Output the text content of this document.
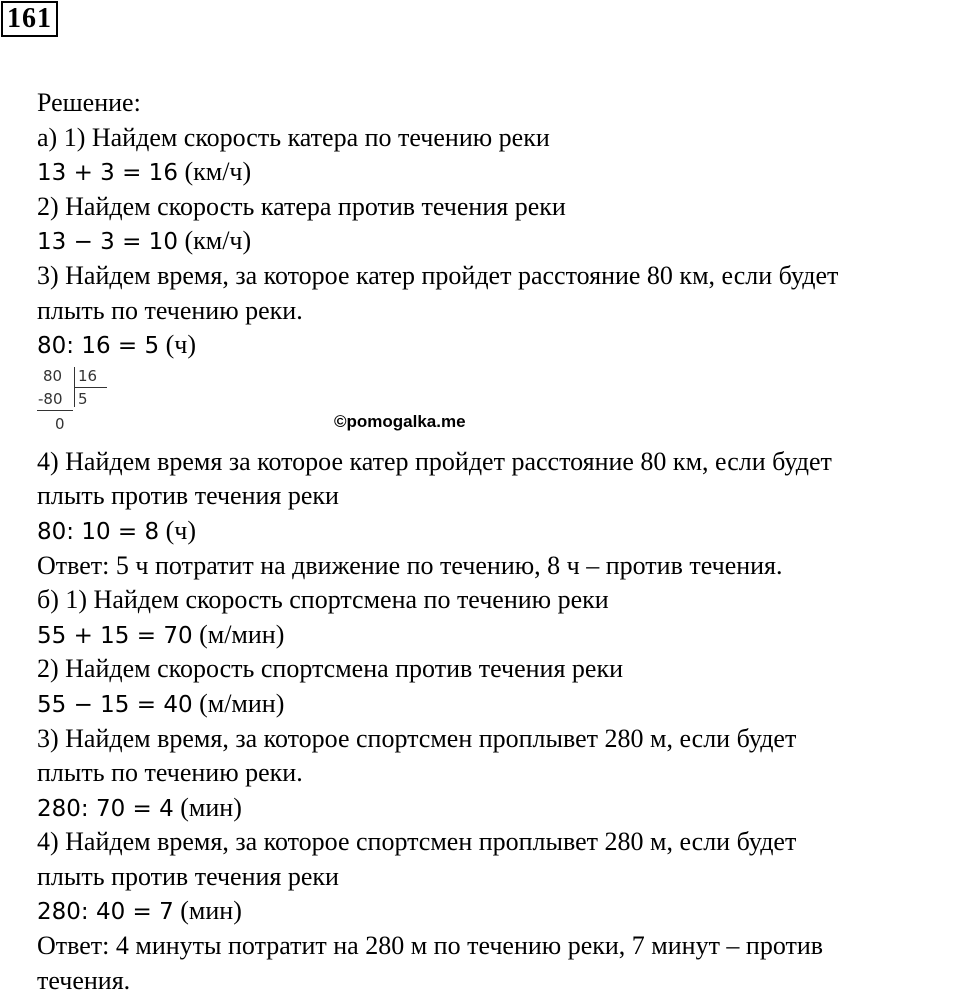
161
Решение:
а) 1) Найдем скорость катера по течению реки
13 + 3 = 16 (км/ч)
2) Найдем скорость катера против течения реки
13 − 3 = 10 (км/ч)
3) Найдем время, за которое катер пройдет расстояние 80 км, если будет
плыть по течению реки.
80: 16 = 5 (ч)
80 16
-80 5
0
4) Найдем время за которое катер пройдет расстояние 80 км, если будет
плыть против течения реки
80: 10 = 8 (ч)
Ответ: 5 ч потратит на движение по течению, 8 ч – против течения.
б) 1) Найдем скорость спортсмена по течению реки
55 + 15 = 70 (м/мин)
2) Найдем скорость спортсмена против течения реки
55 − 15 = 40 (м/мин)
3) Найдем время, за которое спортсмен проплывет 280 м, если будет
плыть по течению реки.
280: 70 = 4 (мин)
4) Найдем время, за которое спортсмен проплывет 280 м, если будет
плыть против течения реки
280: 40 = 7 (мин)
Ответ: 4 минуты потратит на 280 м по течению реки, 7 минут – против
течения.
©pomogalka.me
